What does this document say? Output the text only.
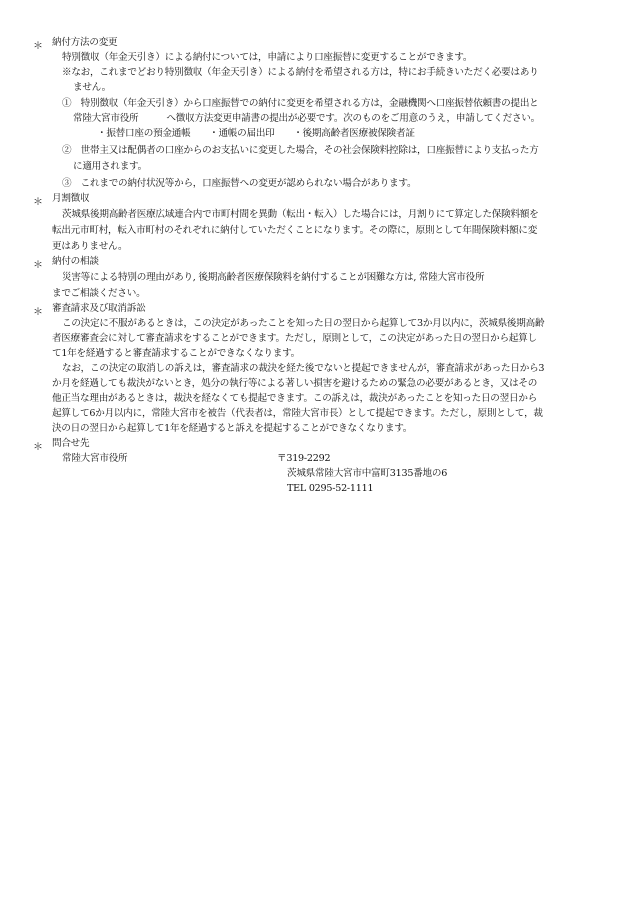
＊ 納付方法の変更
特別徴収（年金天引き）による納付については，申請により口座振替に変更することができます。
※なお，これまでどおり特別徴収（年金天引き）による納付を希望される方は，特にお手続きいただく必要はあり
ません。
①　特別徴収（年金天引き）から口座振替での納付に変更を希望される方は，金融機関へ口座振替依頼書の提出と
常陸大宮市役所　　　へ徴収方法変更申請書の提出が必要です。次のものをご用意のうえ，申請してください。
・振替口座の預金通帳　　・通帳の届出印　　・後期高齢者医療被保険者証
②　世帯主又は配偶者の口座からのお支払いに変更した場合，その社会保険料控除は，口座振替により支払った方
に適用されます。
③　これまでの納付状況等から，口座振替への変更が認められない場合があります。
＊ 月割徴収
茨城県後期高齢者医療広域連合内で市町村間を異動（転出・転入）した場合には，月割りにて算定した保険料額を
転出元市町村，転入市町村のそれぞれに納付していただくことになります。その際に，原則として年間保険料額に変
更はありません。
＊ 納付の相談
災害等による特別の理由があり, 後期高齢者医療保険料を納付することが困難な方は, 常陸大宮市役所
までご相談ください。
＊ 審査請求及び取消訴訟
この決定に不服があるときは，この決定があったことを知った日の翌日から起算して3か月以内に，茨城県後期高齢
者医療審査会に対して審査請求をすることができます。ただし，原則として，この決定があった日の翌日から起算し
て1年を経過すると審査請求することができなくなります。
なお，この決定の取消しの訴えは，審査請求の裁決を経た後でないと提起できませんが，審査請求があった日から3
か月を経過しても裁決がないとき，処分の執行等による著しい損害を避けるための緊急の必要があるとき，又はその
他正当な理由があるときは，裁決を経なくても提起できます。この訴えは，裁決があったことを知った日の翌日から
起算して6か月以内に，常陸大宮市を被告（代表者は，常陸大宮市長）として提起できます。ただし，原則として，裁
決の日の翌日から起算して1年を経過すると訴えを提起することができなくなります。
＊ 問合せ先
常陸大宮市役所	〒319-2292
茨城県常陸大宮市中富町3135番地の6
TEL 0295-52-1111
